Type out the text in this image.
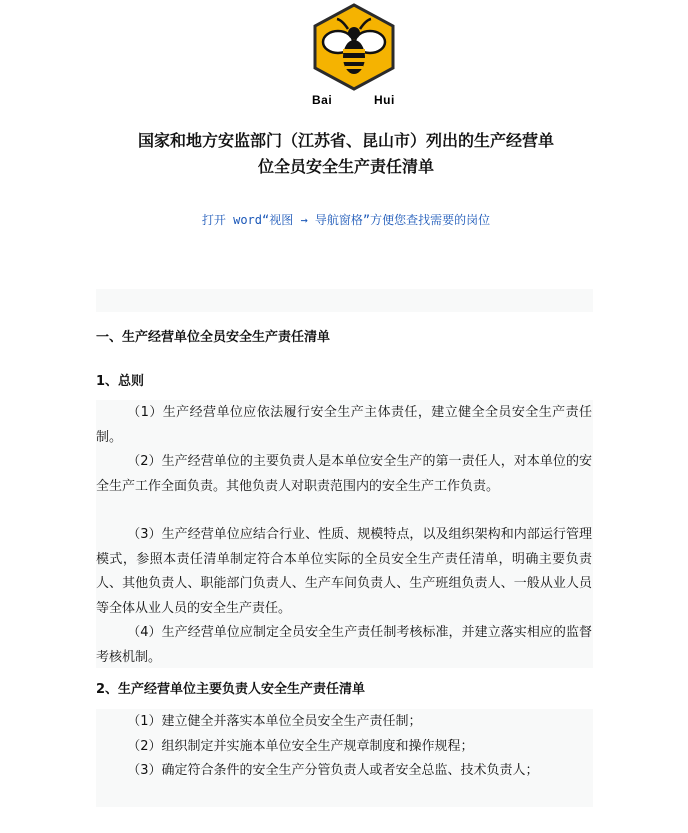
Bai	Hui
国家和地方安监部门（江苏省、昆山市）列出的生产经营单
位全员安全生产责任清单
打开 word“视图 → 导航窗格”方便您查找需要的岗位
一、生产经营单位全员安全生产责任清单
1、总则

（1）生产经营单位应依法履行安全生产主体责任，建立健全全员安全生产责任制。

（2）生产经营单位的主要负责人是本单位安全生产的第一责任人，对本单位的安全生产工作全面负责。其他负责人对职责范围内的安全生产工作负责。

（3）生产经营单位应结合行业、性质、规模特点，以及组织架构和内部运行管理模式，参照本责任清单制定符合本单位实际的全员安全生产责任清单，明确主要负责人、其他负责人、职能部门负责人、生产车间负责人、生产班组负责人、一般从业人员等全体从业人员的安全生产责任。

（4）生产经营单位应制定全员安全生产责任制考核标准，并建立落实相应的监督考核机制。

2、生产经营单位主要负责人安全生产责任清单

（1）建立健全并落实本单位全员安全生产责任制；

（2）组织制定并实施本单位安全生产规章制度和操作规程；

（3）确定符合条件的安全生产分管负责人或者安全总监、技术负责人；
